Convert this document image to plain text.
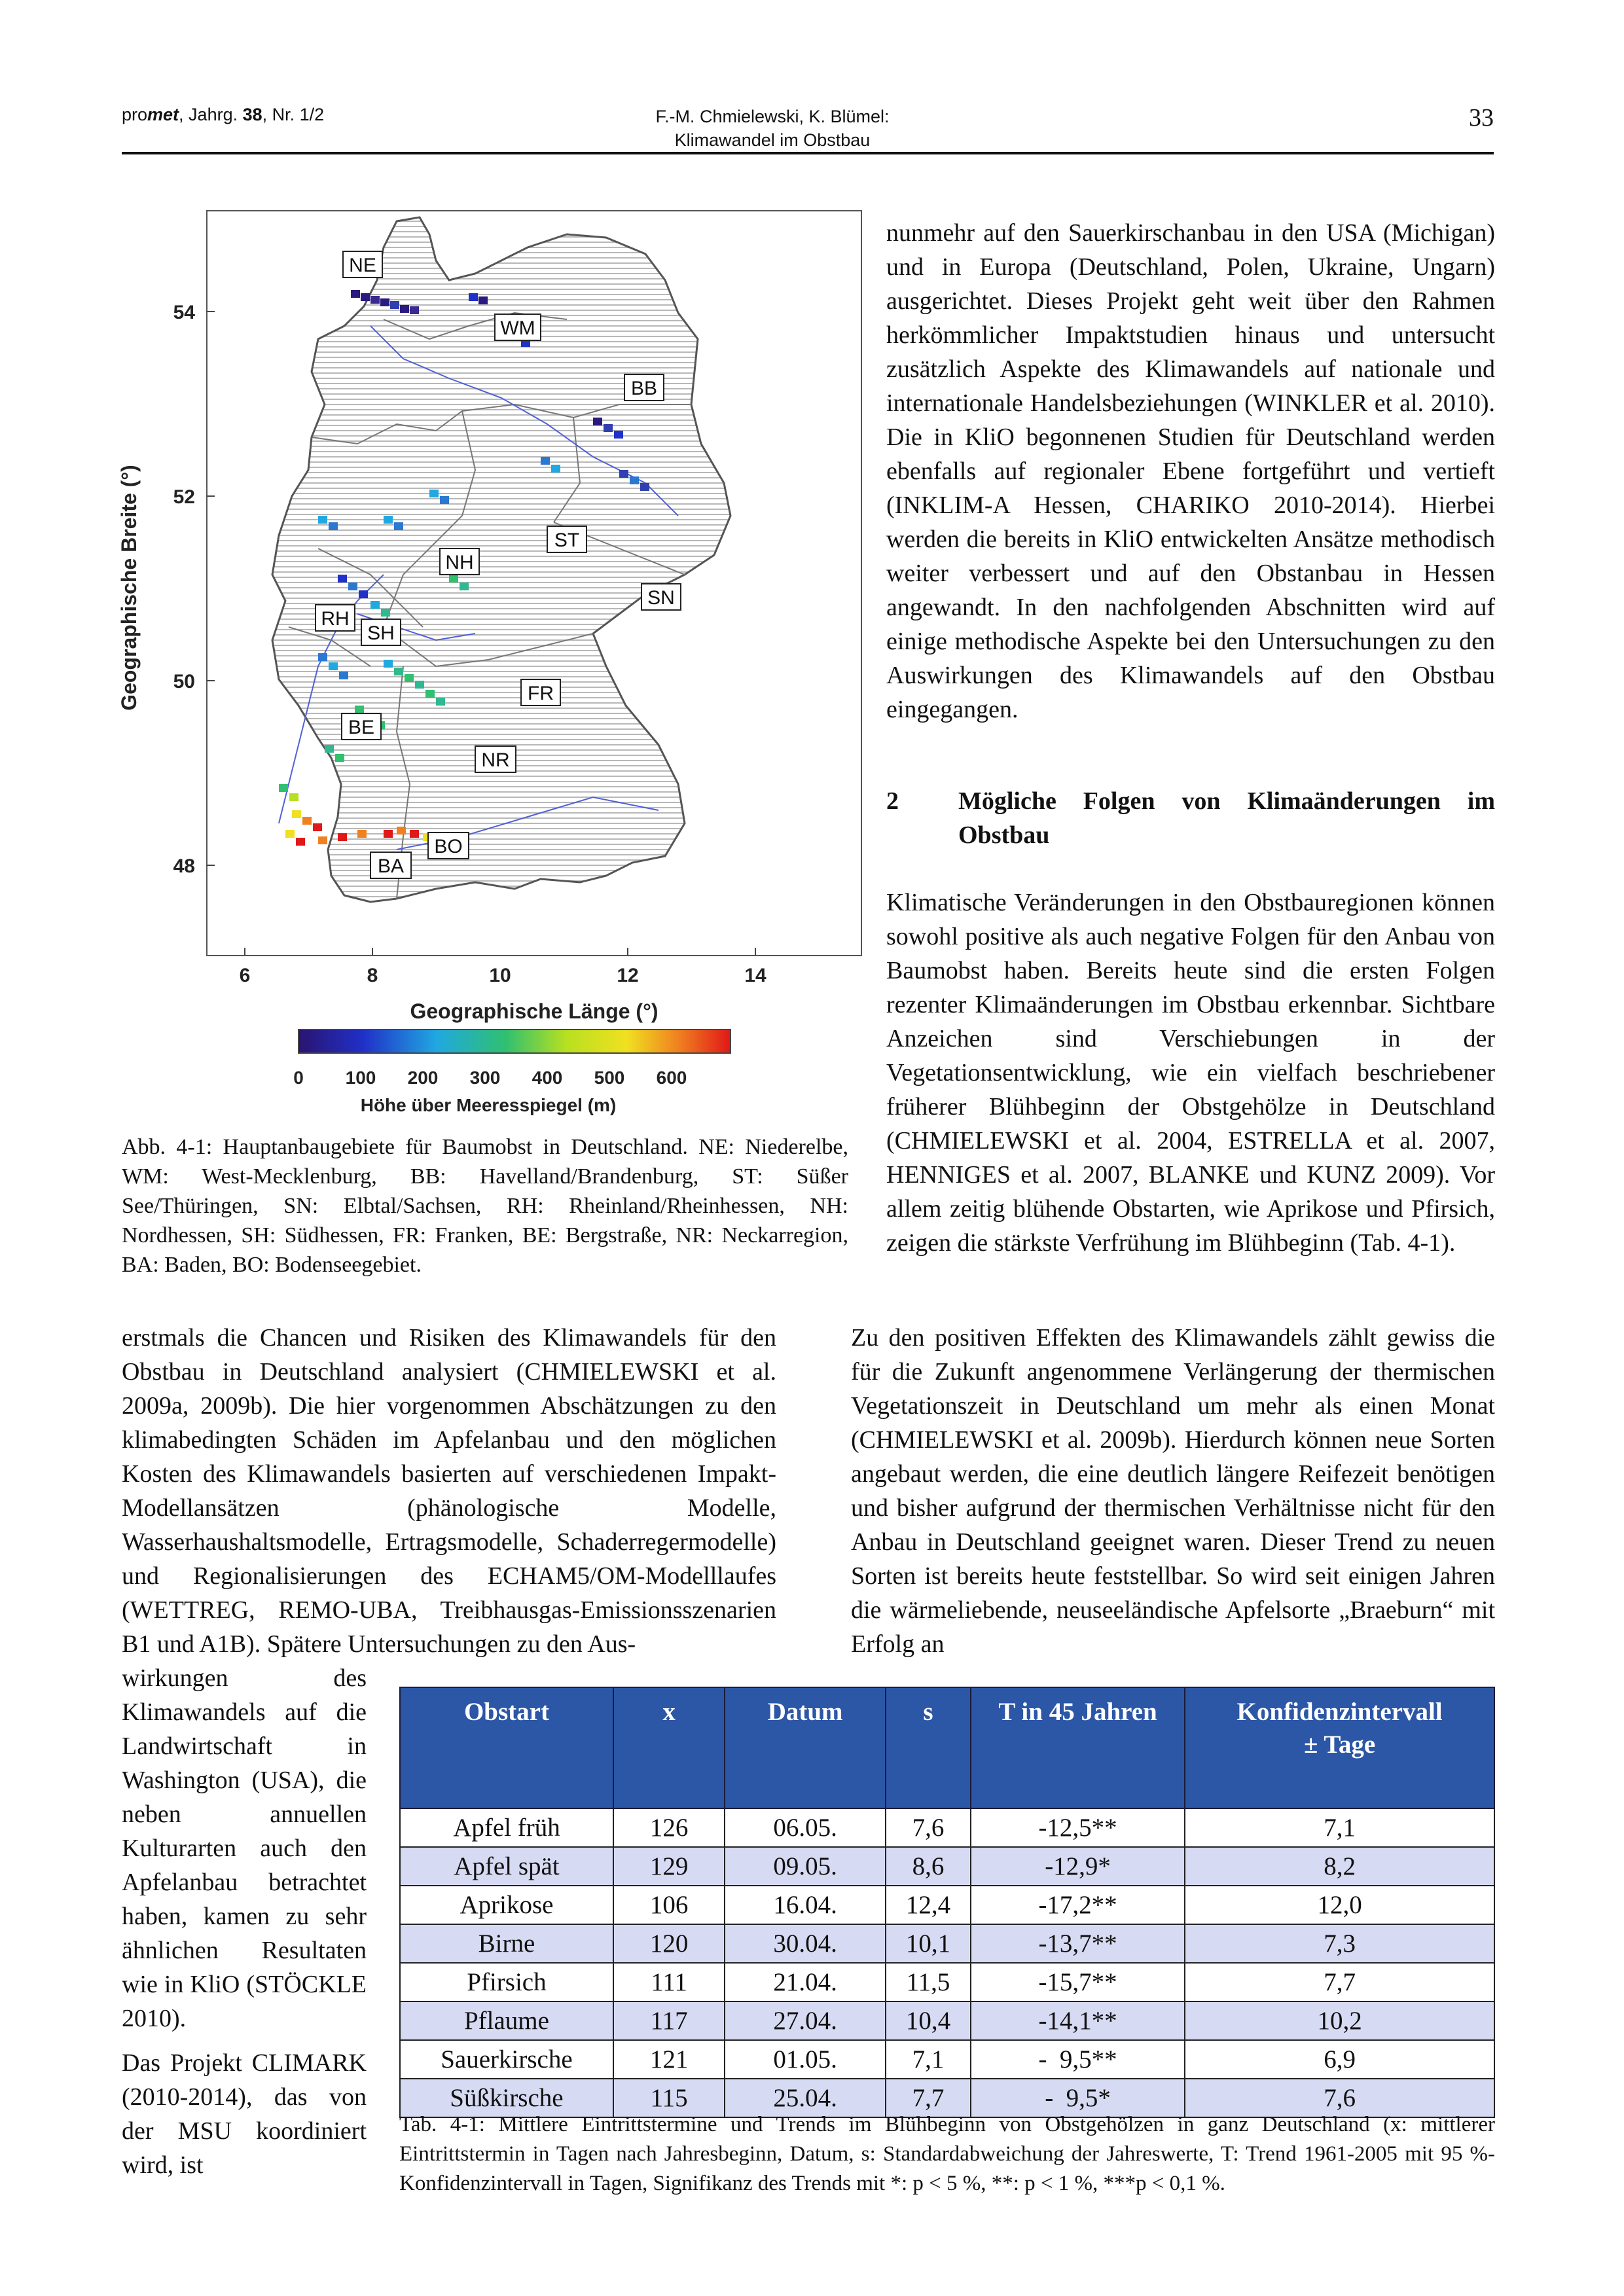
promet, Jahrg. 38, Nr. 1/2	F.-M. Chmielewski, K. Blümel:
Klimawandel im Obstbau
33
NE
WM
BB
ST
NH
SN
RH
SH
FR
BE
NR
BO
BA
54
52
50
48
Geographische Breite (°)
6	8	10	12	14
Geographische Länge (°)
0 100 200 300 400 500 600
Höhe über Meeresspiegel (m)
Abb. 4-1: Hauptanbaugebiete für Baumobst in Deutschland. NE: Niederelbe, WM: West-Mecklenburg, BB: Havelland/Brandenburg, ST: Süßer See/Thüringen, SN: Elbtal/Sachsen, RH: Rheinland/Rheinhessen, NH: Nordhessen, SH: Südhessen, FR: Franken, BE: Bergstraße, NR: Neckarregion, BA: Baden, BO: Bodenseegebiet.

nunmehr auf den Sauerkirschanbau in den USA (Michigan) und in Europa (Deutschland, Polen, Ukraine, Ungarn) ausgerichtet. Dieses Projekt geht weit über den Rahmen herkömmlicher Impaktstudien hinaus und untersucht zusätzlich Aspekte des Klimawandels auf nationale und internationale Handelsbeziehungen (WINKLER et al. 2010). Die in KliO begonnenen Studien für Deutschland werden ebenfalls auf regionaler Ebene fortgeführt und vertieft (INKLIM-A Hessen, CHARIKO 2010-2014). Hierbei werden die bereits in KliO entwickelten Ansätze methodisch weiter verbessert und auf den Obstanbau in Hessen angewandt. In den nachfolgenden Abschnitten wird auf einige methodische Aspekte bei den Untersuchungen zu den Auswirkungen des Klimawandels auf den Obstbau eingegangen.

2 Mögliche Folgen von Klimaänderungen im Obstbau

Klimatische Veränderungen in den Obstbauregionen können sowohl positive als auch negative Folgen für den Anbau von Baumobst haben. Bereits heute sind die ersten Folgen rezenter Klimaänderungen im Obstbau erkennbar. Sichtbare Anzeichen sind Verschiebungen in der Vegetationsentwicklung, wie ein vielfach beschriebener früherer Blühbeginn der Obstgehölze in Deutschland (CHMIELEWSKI et al. 2004, ESTRELLA et al. 2007, HENNIGES et al. 2007, BLANKE und KUNZ 2009). Vor allem zeitig blühende Obstarten, wie Aprikose und Pfirsich, zeigen die stärkste Verfrühung im Blühbeginn (Tab. 4-1).

erstmals die Chancen und Risiken des Klimawandels für den Obstbau in Deutschland analysiert (CHMIELEWSKI et al. 2009a, 2009b). Die hier vorgenommen Abschätzungen zu den klimabedingten Schäden im Apfelanbau und den möglichen Kosten des Klimawandels basierten auf verschiedenen Impakt-Modellansätzen (phänologische Modelle, Wasserhaushaltsmodelle, Ertragsmodelle, Schaderregermodelle) und Regionalisierungen des ECHAM5/OM-Modelllaufes (WETTREG, REMO-UBA, Treibhausgas-Emissionsszenarien B1 und A1B). Spätere Untersuchungen zu den Aus-

Zu den positiven Effekten des Klimawandels zählt gewiss die für die Zukunft angenommene Verlängerung der thermischen Vegetationszeit in Deutschland um mehr als einen Monat (CHMIELEWSKI et al. 2009b). Hierdurch können neue Sorten angebaut werden, die eine deutlich längere Reifezeit benötigen und bisher aufgrund der thermischen Verhältnisse nicht für den Anbau in Deutschland geeignet waren. Dieser Trend zu neuen Sorten ist bereits heute feststellbar. So wird seit einigen Jahren die wärmeliebende, neuseeländische Apfelsorte „Braeburn“ mit Erfolg an

wirkungen des Klimawandels auf die Landwirtschaft in Washington (USA), die neben annuellen Kulturarten auch den Apfelanbau betrachtet haben, kamen zu sehr ähnlichen Resultaten wie in KliO (STÖCKLE 2010).

Das Projekt CLIMARK (2010-2014), das von der MSU koordiniert wird, ist

Obstart	x	Datum	s	T in 45 Jahren	Konfidenzintervall
± Tage
Apfel früh	126	06.05.	7,6	-12,5**	7,1
Apfel spät	129	09.05.	8,6	-12,9*	8,2
Aprikose	106	16.04.	12,4	-17,2**	12,0
Birne	120	30.04.	10,1	-13,7**	7,3
Pfirsich	111	21.04.	11,5	-15,7**	7,7
Pflaume	117	27.04.	10,4	-14,1**	10,2
Sauerkirsche	121	01.05.	7,1	-  9,5**	6,9
Süßkirsche	115	25.04.	7,7	-  9,5*	7,6
Tab. 4-1: Mittlere Eintrittstermine und Trends im Blühbeginn von Obstgehölzen in ganz Deutschland (x: mittlerer Eintrittstermin in Tagen nach Jahresbeginn, Datum, s: Standardabweichung der Jahreswerte, T: Trend 1961-2005 mit 95 %-Konfidenzintervall in Tagen, Signifikanz des Trends mit *: p < 5 %, **: p < 1 %, ***p < 0,1 %.
